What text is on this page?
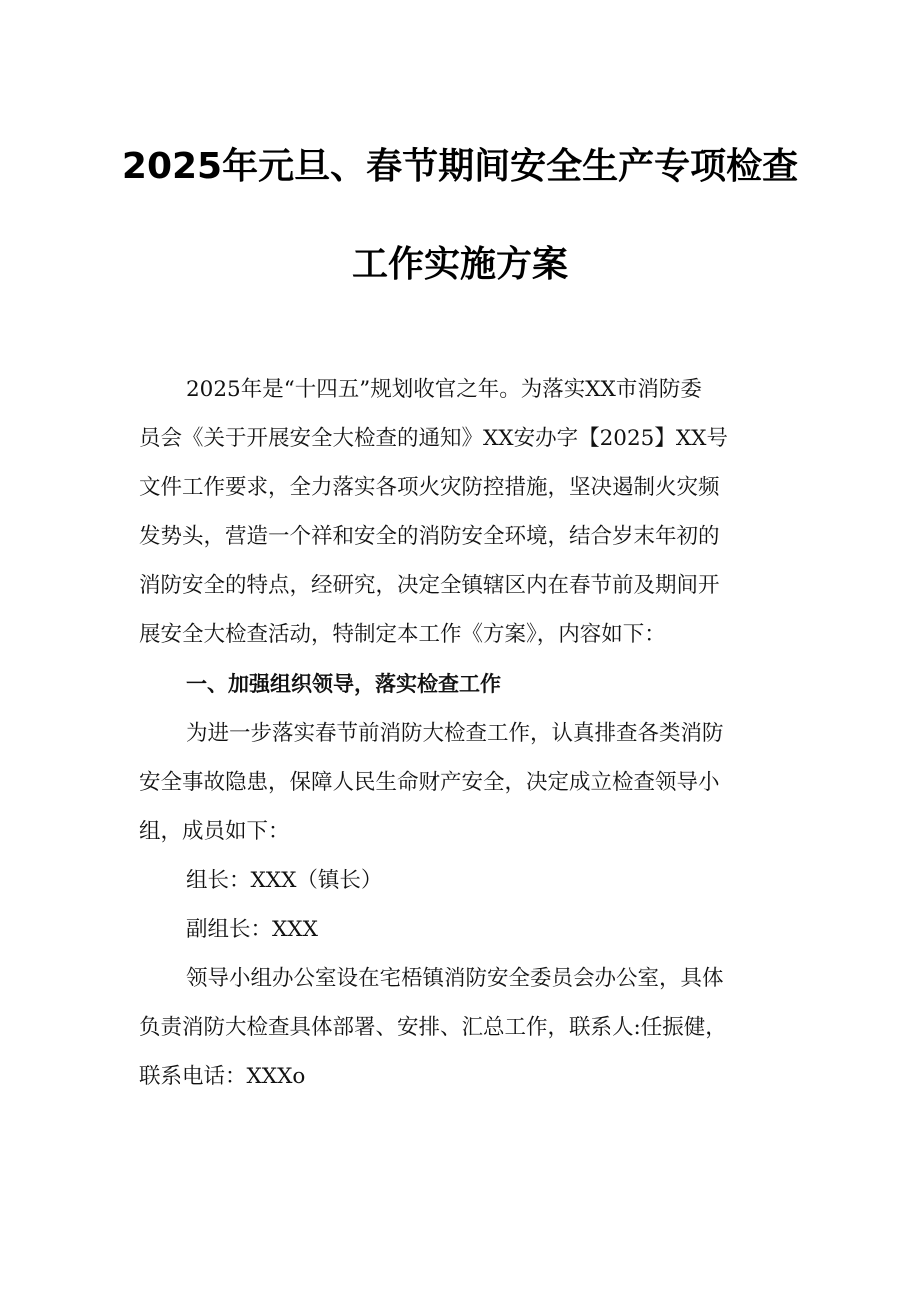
2025年元旦、春节期间安全生产专项检查
工作实施方案
2025年是“十四五”规划收官之年。为落实XX市消防委
员会《关于开展安全大检查的通知》XX安办字【2025】XX号
文件工作要求，全力落实各项火灾防控措施，坚决遏制火灾频
发势头，营造一个祥和安全的消防安全环境，结合岁末年初的
消防安全的特点，经研究，决定全镇辖区内在春节前及期间开
展安全大检查活动，特制定本工作《方案》，内容如下：
一、加强组织领导，落实检查工作
为进一步落实春节前消防大检查工作，认真排查各类消防
安全事故隐患，保障人民生命财产安全，决定成立检查领导小
组，成员如下：
组长：XXX（镇长）
副组长：XXX
领导小组办公室设在宅梧镇消防安全委员会办公室，具体
负责消防大检查具体部署、安排、汇总工作，联系人:任振健，
联系电话：XXXo
